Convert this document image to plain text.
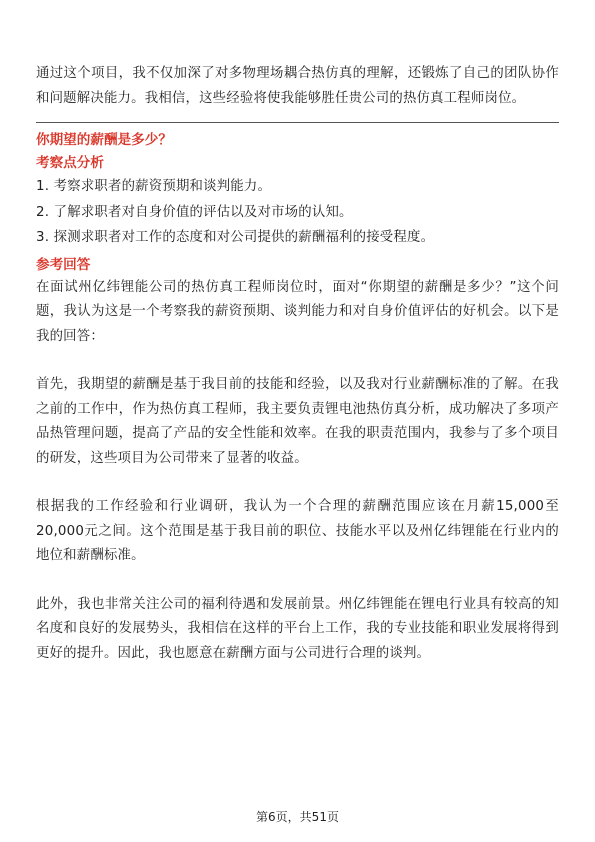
通过这个项目，我不仅加深了对多物理场耦合热仿真的理解，还锻炼了自己的团队协作和问题解决能力。我相信，这些经验将使我能够胜任贵公司的热仿真工程师岗位。

你期望的薪酬是多少？
考察点分析
1. 考察求职者的薪资预期和谈判能力。
2. 了解求职者对自身价值的评估以及对市场的认知。
3. 探测求职者对工作的态度和对公司提供的薪酬福利的接受程度。
参考回答

在面试州亿纬锂能公司的热仿真工程师岗位时，面对“你期望的薪酬是多少？”这个问题，我认为这是一个考察我的薪资预期、谈判能力和对自身价值评估的好机会。以下是我的回答：

首先，我期望的薪酬是基于我目前的技能和经验，以及我对行业薪酬标准的了解。在我之前的工作中，作为热仿真工程师，我主要负责锂电池热仿真分析，成功解决了多项产品热管理问题，提高了产品的安全性能和效率。在我的职责范围内，我参与了多个项目的研发，这些项目为公司带来了显著的收益。

根据我的工作经验和行业调研，我认为一个合理的薪酬范围应该在月薪15,000至20,000元之间。这个范围是基于我目前的职位、技能水平以及州亿纬锂能在行业内的地位和薪酬标准。

此外，我也非常关注公司的福利待遇和发展前景。州亿纬锂能在锂电行业具有较高的知名度和良好的发展势头，我相信在这样的平台上工作，我的专业技能和职业发展将得到更好的提升。因此，我也愿意在薪酬方面与公司进行合理的谈判。

第6页，共51页
